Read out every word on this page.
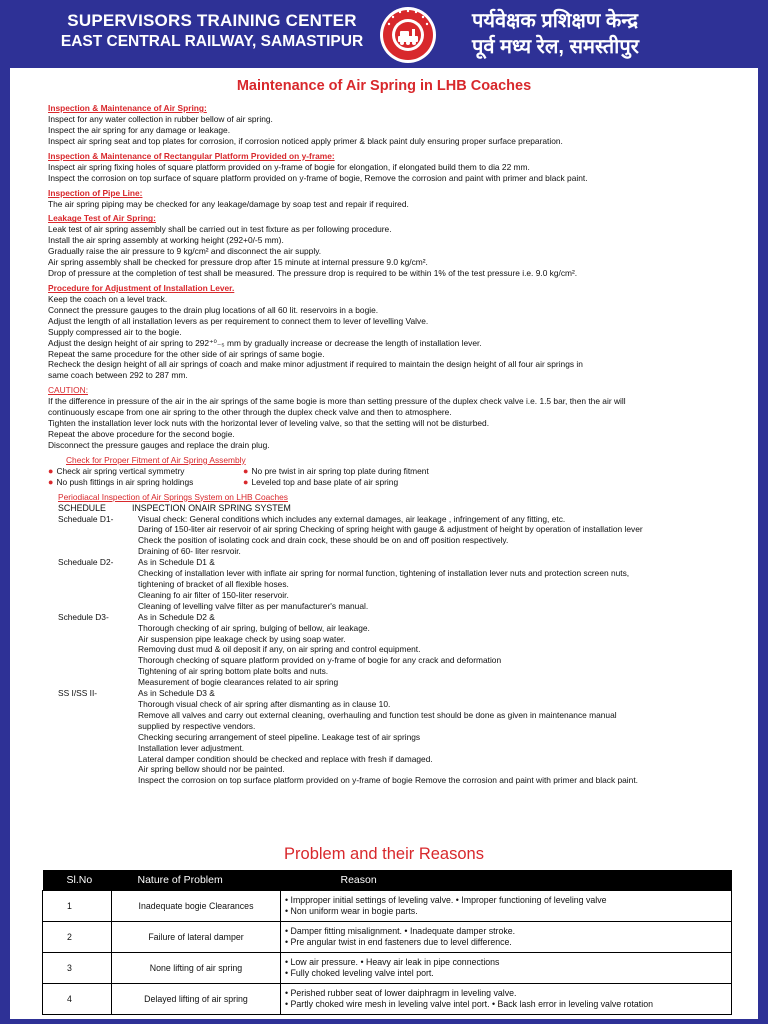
SUPERVISORS TRAINING CENTER
EAST CENTRAL RAILWAY, SAMASTIPUR
पर्यवेक्षक प्रशिक्षण केन्द्र
पूर्व मध्य रेल, समस्तीपुर
Maintenance of Air Spring in LHB Coaches
Inspection & Maintenance of Air Spring:
Inspect for any water collection in rubber bellow of air spring.
Inspect the air spring for any damage or leakage.
Inspect air spring seat and top plates for corrosion, if corrosion noticed apply primer & black paint duly ensuring proper surface preparation.
Inspection & Maintenance of Rectangular Platform Provided on y-frame:
Inspect air spring fixing holes of square platform provided on y-frame of bogie for elongation, if elongated build them to dia 22 mm.
Inspect the corrosion on top surface of square platform provided on y-frame of bogie, Remove the corrosion and paint with primer and black paint.
Inspection of Pipe Line:
The air spring piping may be checked for any leakage/damage by soap test and repair if required.
Leakage Test of Air Spring:
Leak test of air spring assembly shall be carried out in test fixture as per following procedure.
Install the air spring assembly at working height (292+0/-5 mm).
Gradually raise the air pressure to 9 kg/cm² and disconnect the air supply.
Air spring assembly shall be checked for pressure drop after 15 minute at internal pressure 9.0 kg/cm².
Drop of pressure at the completion of test shall be measured. The pressure drop is required to be within 1% of the test pressure i.e. 9.0 kg/cm².
Procedure for Adjustment of Installation Lever.
Keep the coach on a level track.
Connect the pressure gauges to the drain plug locations of all 60 lit. reservoirs in a bogie.
Adjust the length of all installation levers as per requirement to connect them to lever of levelling Valve.
Supply compressed air to the bogie.
Adjust the design height of air spring to 292⁺⁰₋₅ mm by gradually increase or decrease the length of installation lever.
Repeat the same procedure for the other side of air springs of same bogie.
Recheck the design height of all air springs of coach and make minor adjustment if required to maintain the design height of all four air springs in
same coach between 292 to 287 mm.
CAUTION:
If the difference in pressure of the air in the air springs of the same bogie is more than setting pressure of the duplex check valve i.e. 1.5 bar, then the air will
continuously escape from one air spring to the other through the duplex check valve and then to atmosphere.
Tighten the installation lever lock nuts with the horizontal lever of leveling valve, so that the setting will not be disturbed.
Repeat the above procedure for the second bogie.
Disconnect the pressure gauges and replace the drain plug.
Check for Proper Fitment of Air Spring Assembly
● Check air spring vertical symmetry	● No pre twist in air spring top plate during fitment
● No push fittings in air spring holdings	● Leveled top and base plate of air spring
Periodiacal Inspection of Air Springs System on LHB Coaches
SCHEDULE	INSPECTION ONAIR SPRING SYSTEM
Scheduale D1-	Visual check: General conditions which includes any external damages, air leakage , infringement of any fitting, etc.
Daring of 150-liter air reservoir of air spring Checking of spring height with gauge & adjustment of height by operation of installation lever
Check the position of isolating cock and drain cock, these should be on and off position respectively.
Draining of 60- liter resrvoir.
Scheduale D2-	As in Schedule D1 &
Checking of installation lever with inflate air spring for normal function, tightening of installation lever nuts and protection screen nuts,
tightening of bracket of all flexible hoses.
Cleaning fo air filter of 150-liter reservoir.
Cleaning of levelling valve filter as per manufacturer's manual.
Schedule D3-	As in Schedule D2 &
Thorough checking of air spring, bulging of bellow, air leakage.
Air suspension pipe leakage check by using soap water.
Removing dust mud & oil deposit if any, on air spring and control equipment.
Thorough checking of square platform provided on y-frame of bogie for any crack and deformation
Tightening of air spring bottom plate bolts and nuts.
Measurement of bogie clearances related to air spring
SS I/SS II-	As in Schedule D3 &
Thorough visual check of air spring after dismanting as in clause 10.
Remove all valves and carry out external cleaning, overhauling and function test should be done as given in maintenance manual
supplied by respective vendors.
Checking securing arrangement of steel pipeline. Leakage test of air springs
Installation lever adjustment.
Lateral damper condition should be checked and replace with fresh if damaged.
Air spring bellow should nor be painted.
Inspect the corrosion on top surface platform provided on y-frame of bogie Remove the corrosion and paint with primer and black paint.
Problem and their Reasons
Sl.No	Nature of Problem	Reason
1	Inadequate bogie Clearances	• Impproper initial settings of leveling valve. • Improper functioning of leveling valve
• Non uniform wear in bogie parts.

2	Failure of lateral damper	• Damper fitting misalignment. • Inadequate damper stroke.
• Pre angular twist in end fasteners due to level difference.

3	None lifting of air spring	• Low air pressure. • Heavy air leak in pipe connections
• Fully choked leveling valve intel port.

4	Delayed lifting of air spring	• Perished rubber seat of lower daiphragm in leveling valve.
• Partly choked wire mesh in leveling valve intel port. • Back lash error in leveling valve rotation
